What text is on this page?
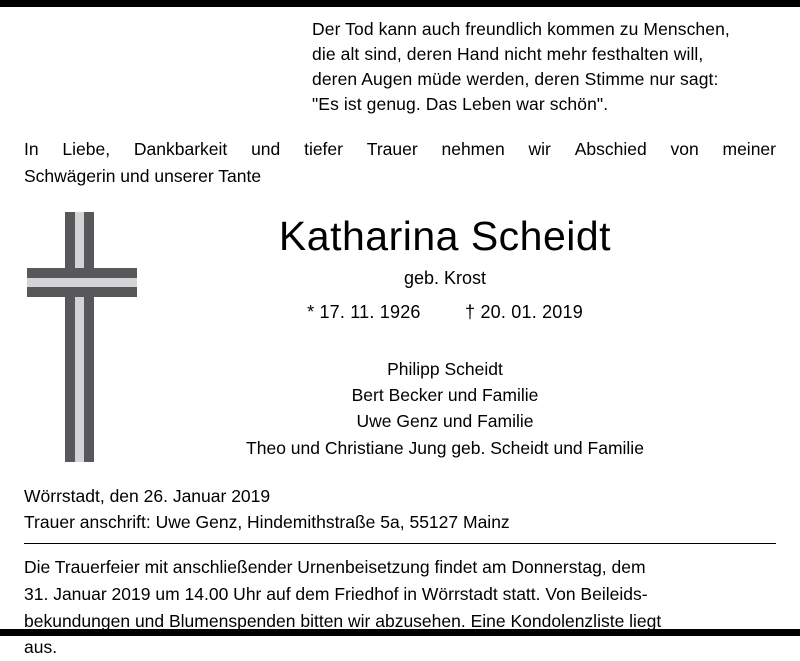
Der Tod kann auch freundlich kommen zu Menschen,
die alt sind, deren Hand nicht mehr festhalten will,
deren Augen müde werden, deren Stimme nur sagt:
"Es ist genug. Das Leben war schön".
In Liebe, Dankbarkeit und tiefer Trauer nehmen wir Abschied von meiner
Schwägerin und unserer Tante
Katharina Scheidt
geb. Krost
* 17. 11. 1926 † 20. 01. 2019
Philipp Scheidt
Bert Becker und Familie
Uwe Genz und Familie
Theo und Christiane Jung geb. Scheidt und Familie
Wörrstadt, den 26. Januar 2019
Trauer anschrift: Uwe Genz, Hindemithstraße 5a, 55127 Mainz
Die Trauerfeier mit anschließender Urnenbeisetzung findet am Donnerstag, dem
31. Januar 2019 um 14.00 Uhr auf dem Friedhof in Wörrstadt statt. Von Beileids-
bekundungen und Blumenspenden bitten wir abzusehen. Eine Kondolenzliste liegt
aus.
